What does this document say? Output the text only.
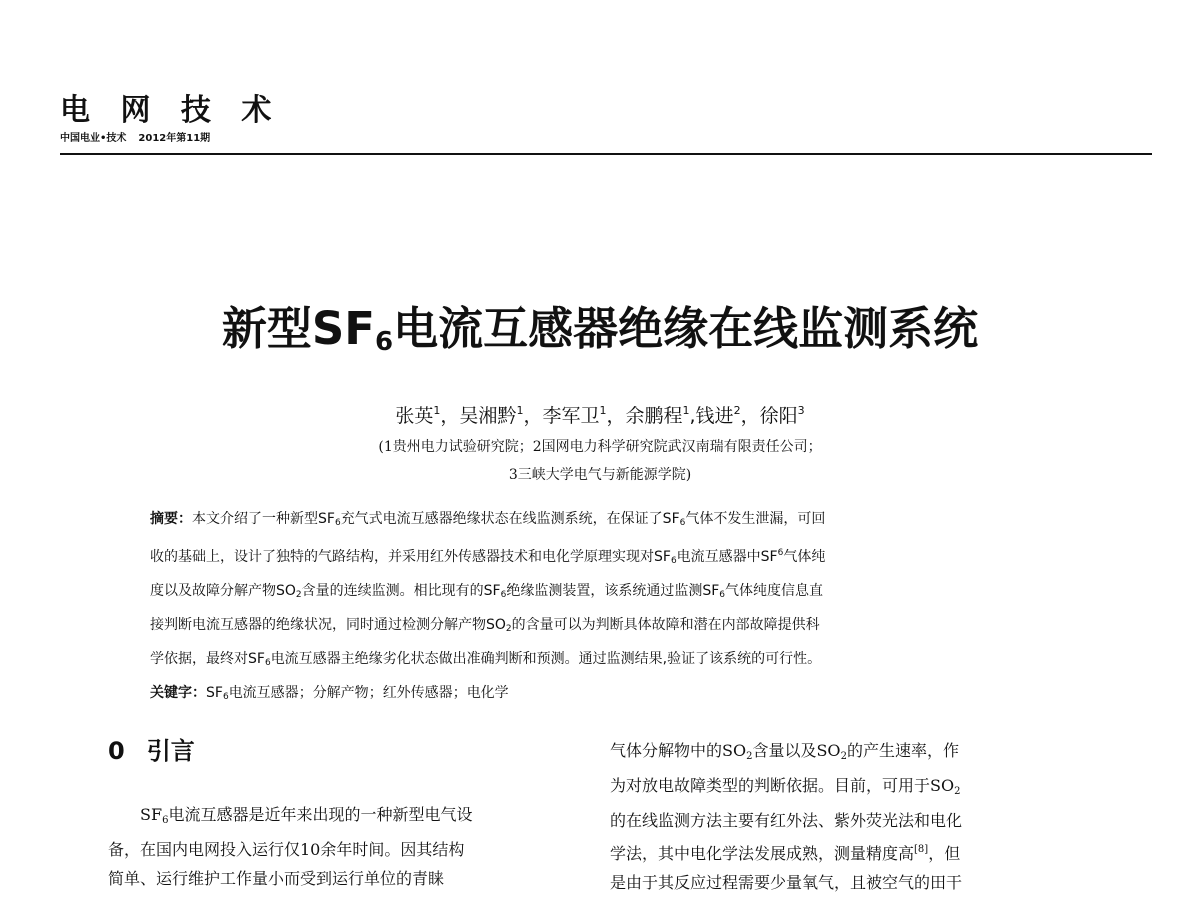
电 网 技 术
中国电业•技术 2012年第11期
新型$SF_6$电流互感器绝缘在线监测系统
张英$^1$，吴湘黔$^1$，李军卫$^1$，余鹏程$^1$,钱进$^2$，徐阳$^3$
(1贵州电力试验研究院；2国网电力科学研究院武汉南瑞有限责任公司；
3三峡大学电气与新能源学院)
摘要：本文介绍了一种新型$SF_6$充气式电流互感器绝缘状态在线监测系统，在保证了$SF_6$气体不发生泄漏，可回
收的基础上，设计了独特的气路结构，并采用红外传感器技术和电化学原理实现对$SF_6$电流互感器中$SF^6$气体纯
度以及故障分解产物$SO_2$含量的连续监测。相比现有的$SF_6$绝缘监测装置，该系统通过监测$SF_6$气体纯度信息直
接判断电流互感器的绝缘状况，同时通过检测分解产物$SO_2$的含量可以为判断具体故障和潜在内部故障提供科
学依据，最终对$SF_6$电流互感器主绝缘劣化状态做出准确判断和预测。通过监测结果,验证了该系统的可行性。
关键字：$SF_6$电流互感器；分解产物；红外传感器；电化学
0 引言
　　$SF_6$电流互感器是近年来出现的一种新型电气设
备，在国内电网投入运行仅10余年时间。因其结构
简单、运行维护工作量小而受到运行单位的青睐
气体分解物中的$SO_2$含量以及$SO_2$的产生速率，作
为对放电故障类型的判断依据。目前，可用于$SO_2$
的在线监测方法主要有红外法、紫外荧光法和电化
学法，其中电化学法发展成熟，测量精度高[8]，但
是由于其反应过程需要少量氧气，且被空气的田干
